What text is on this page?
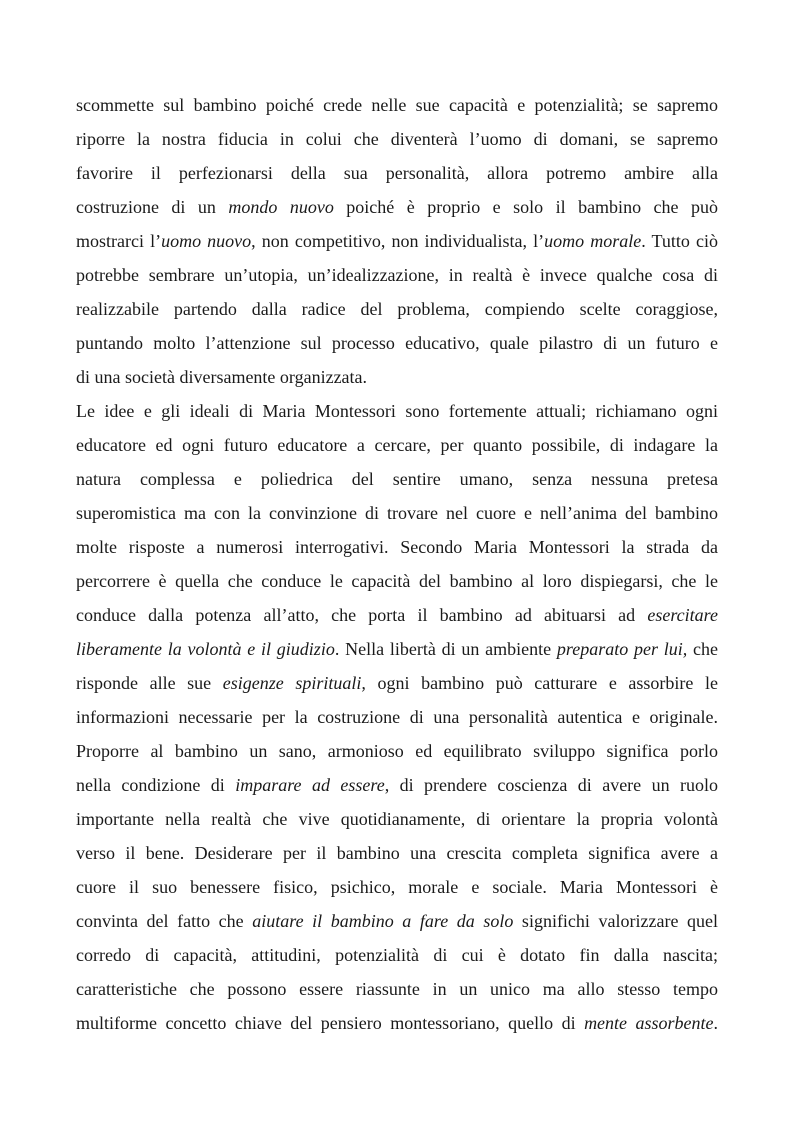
scommette sul bambino poiché crede nelle sue capacità e potenzialità; se sapremo
riporre la nostra fiducia in colui che diventerà l’uomo di domani, se sapremo
favorire il perfezionarsi della sua personalità, allora potremo ambire alla
costruzione di un mondo nuovo poiché è proprio e solo il bambino che può
mostrarci l’uomo nuovo, non competitivo, non individualista, l’uomo morale. Tutto ciò
potrebbe sembrare un’utopia, un’idealizzazione, in realtà è invece qualche cosa di
realizzabile partendo dalla radice del problema, compiendo scelte coraggiose,
puntando molto l’attenzione sul processo educativo, quale pilastro di un futuro e
di una società diversamente organizzata.
Le idee e gli ideali di Maria Montessori sono fortemente attuali; richiamano ogni
educatore ed ogni futuro educatore a cercare, per quanto possibile, di indagare la
natura complessa e poliedrica del sentire umano, senza nessuna pretesa
superomistica ma con la convinzione di trovare nel cuore e nell’anima del bambino
molte risposte a numerosi interrogativi. Secondo Maria Montessori la strada da
percorrere è quella che conduce le capacità del bambino al loro dispiegarsi, che le
conduce dalla potenza all’atto, che porta il bambino ad abituarsi ad esercitare
liberamente la volontà e il giudizio. Nella libertà di un ambiente preparato per lui, che
risponde alle sue esigenze spirituali, ogni bambino può catturare e assorbire le
informazioni necessarie per la costruzione di una personalità autentica e originale.
Proporre al bambino un sano, armonioso ed equilibrato sviluppo significa porlo
nella condizione di imparare ad essere, di prendere coscienza di avere un ruolo
importante nella realtà che vive quotidianamente, di orientare la propria volontà
verso il bene. Desiderare per il bambino una crescita completa significa avere a
cuore il suo benessere fisico, psichico, morale e sociale. Maria Montessori è
convinta del fatto che aiutare il bambino a fare da solo significhi valorizzare quel
corredo di capacità, attitudini, potenzialità di cui è dotato fin dalla nascita;
caratteristiche che possono essere riassunte in un unico ma allo stesso tempo
multiforme concetto chiave del pensiero montessoriano, quello di mente assorbente.
